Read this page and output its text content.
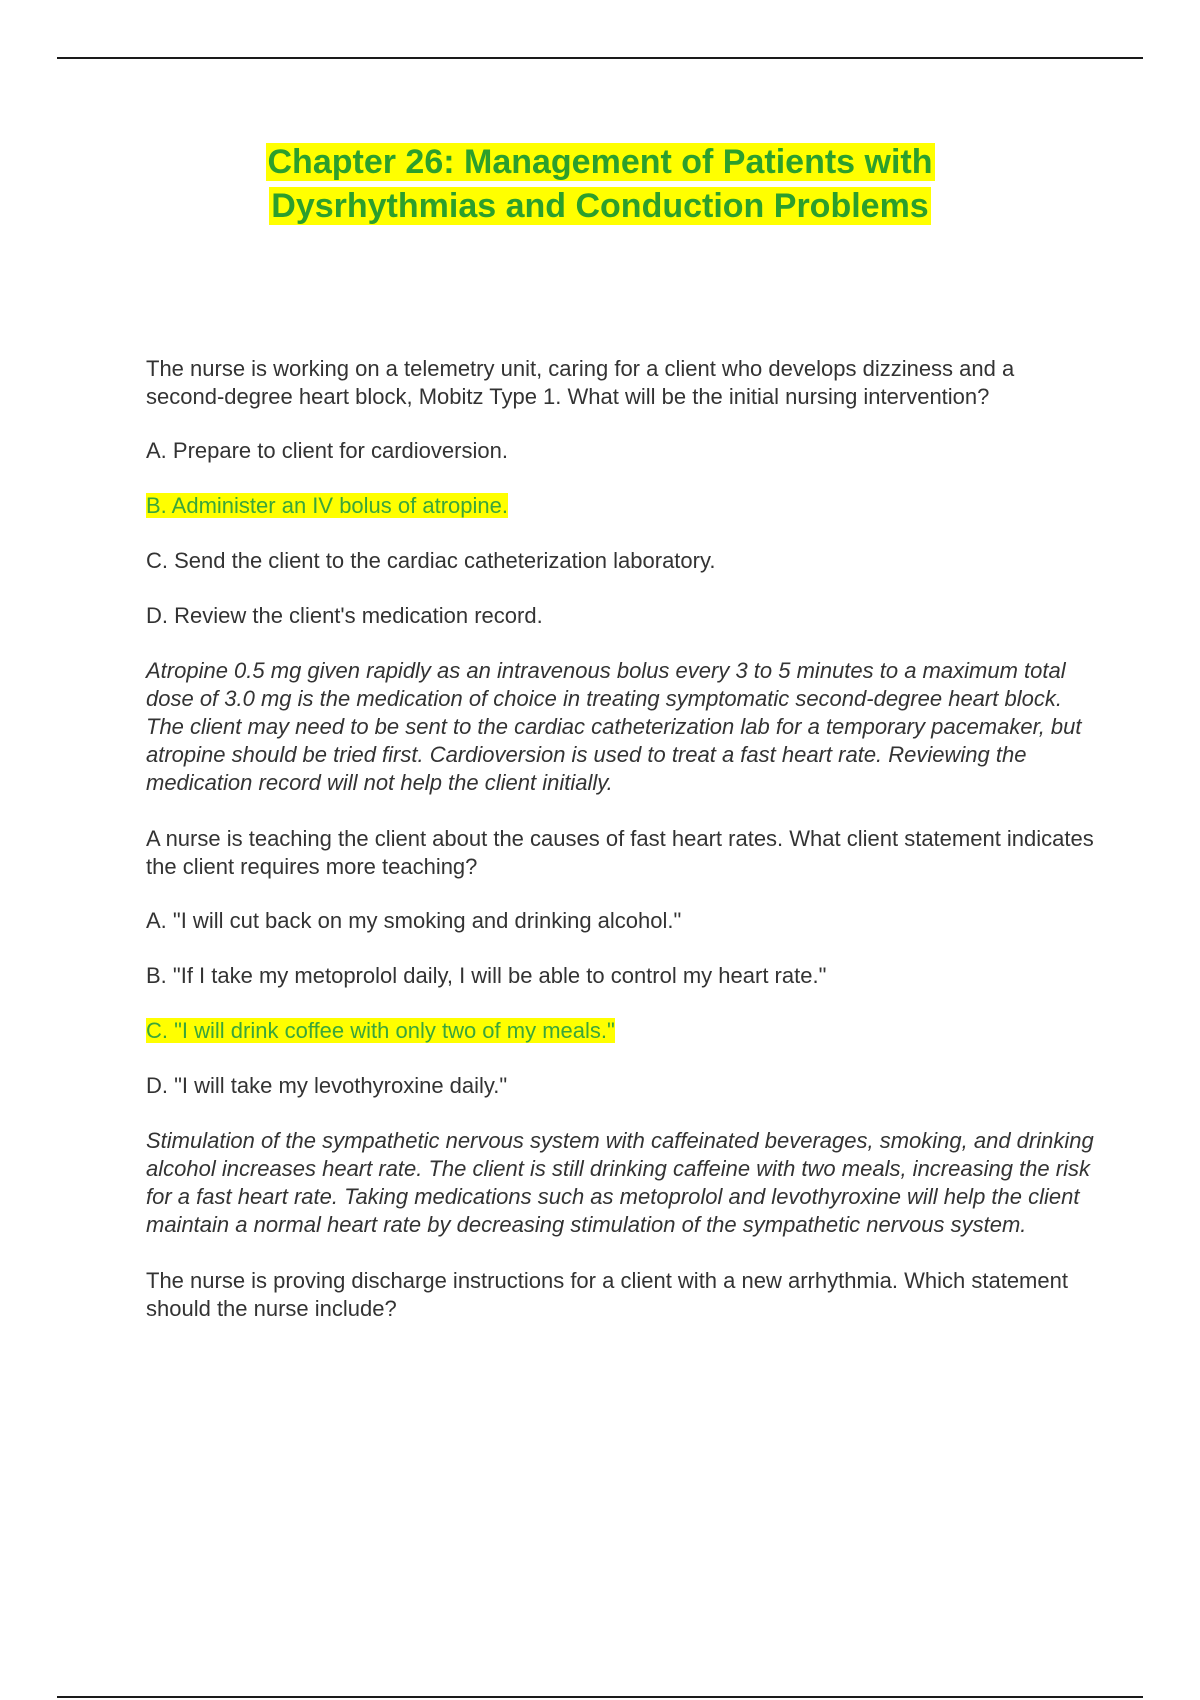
Chapter 26: Management of Patients with
Dysrhythmias and Conduction Problems

The nurse is working on a telemetry unit, caring for a client who develops dizziness and a second-degree heart block, Mobitz Type 1. What will be the initial nursing intervention?

A. Prepare to client for cardioversion.

B. Administer an IV bolus of atropine.

C. Send the client to the cardiac catheterization laboratory.

D. Review the client's medication record.

Atropine 0.5 mg given rapidly as an intravenous bolus every 3 to 5 minutes to a maximum total dose of 3.0 mg is the medication of choice in treating symptomatic second-degree heart block. The client may need to be sent to the cardiac catheterization lab for a temporary pacemaker, but atropine should be tried first. Cardioversion is used to treat a fast heart rate. Reviewing the medication record will not help the client initially.

A nurse is teaching the client about the causes of fast heart rates. What client statement indicates the client requires more teaching?

A. "I will cut back on my smoking and drinking alcohol."

B. "If I take my metoprolol daily, I will be able to control my heart rate."

C. "I will drink coffee with only two of my meals."

D. "I will take my levothyroxine daily."

Stimulation of the sympathetic nervous system with caffeinated beverages, smoking, and drinking alcohol increases heart rate. The client is still drinking caffeine with two meals, increasing the risk for a fast heart rate. Taking medications such as metoprolol and levothyroxine will help the client maintain a normal heart rate by decreasing stimulation of the sympathetic nervous system.

The nurse is proving discharge instructions for a client with a new arrhythmia. Which statement should the nurse include?
